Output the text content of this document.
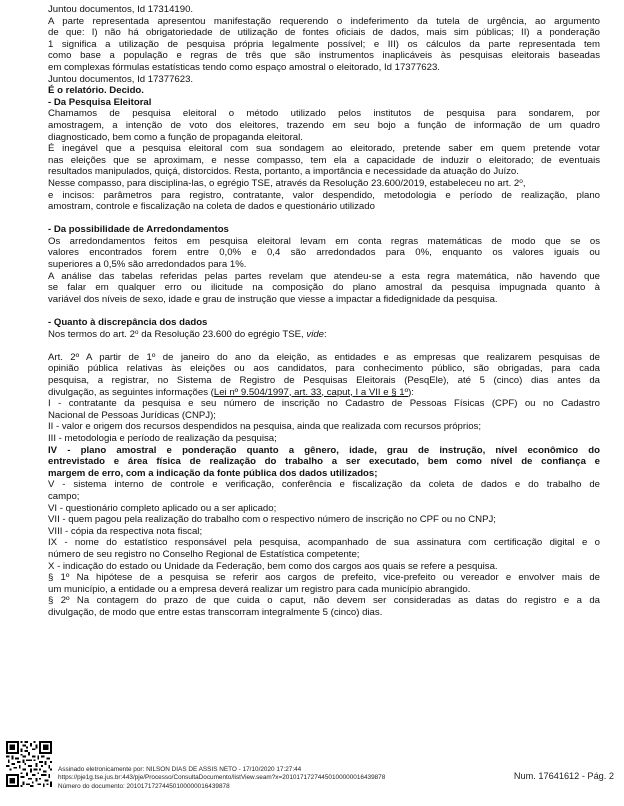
Juntou documentos, Id 17314190.

A parte representada apresentou manifestação requerendo o indeferimento da tutela de urgência, ao argumento

de que: I) não há obrigatoriedade de utilização de fontes oficiais de dados, mais sim públicas; II) a ponderação

1 significa a utilização de pesquisa própria legalmente possível; e III) os cálculos da parte representada tem

como base a população e regras de três que são instrumentos inaplicáveis às pesquisas eleitorais baseadas

em complexas fórmulas estatísticas tendo como espaço amostral o eleitorado, Id 17377623.

Juntou documentos, Id 17377623.

É o relatório. Decido.

- Da Pesquisa Eleitoral

Chamamos de pesquisa eleitoral o método utilizado pelos institutos de pesquisa para sondarem, por

amostragem, a intenção de voto dos eleitores, trazendo em seu bojo a função de informação de um quadro

diagnosticado, bem como a função de propaganda eleitoral.

É inegável que a pesquisa eleitoral com sua sondagem ao eleitorado, pretende saber em quem pretende votar

nas eleições que se aproximam, e nesse compasso, tem ela a capacidade de induzir o eleitorado; de eventuais

resultados manipulados, quiçá, distorcidos. Resta, portanto, a importância e necessidade da atuação do Juízo.

Nesse compasso, para disciplina-las, o egrégio TSE, através da Resolução 23.600/2019, estabeleceu no art. 2$^o$,

e incisos: parâmetros para registro, contratante, valor despendido, metodologia e período de realização, plano

amostram, controle e fiscalização na coleta de dados e questionário utilizado

- Da possibilidade de Arredondamentos

Os arredondamentos feitos em pesquisa eleitoral levam em conta regras matemáticas de modo que se os

valores encontrados forem entre 0,0% e 0,4 são arredondados para 0%, enquanto os valores iguais ou

superiores a 0,5% são arredondados para 1%.

A análise das tabelas referidas pelas partes revelam que atendeu-se a esta regra matemática, não havendo que

se falar em qualquer erro ou ilicitude na composição do plano amostral da pesquisa impugnada quanto à

variável dos níveis de sexo, idade e grau de instrução que viesse a impactar a fidedignidade da pesquisa.

- Quanto à discrepância dos dados

Nos termos do art. 2$^o$ da Resolução 23.600 do egrégio TSE, vide:

Art. 2º A partir de 1º de janeiro do ano da eleição, as entidades e as empresas que realizarem pesquisas de

opinião pública relativas às eleições ou aos candidatos, para conhecimento público, são obrigadas, para cada

pesquisa, a registrar, no Sistema de Registro de Pesquisas Eleitorais (PesqEle), até 5 (cinco) dias antes da

divulgação, as seguintes informações (Lei nº 9.504/1997, art. 33, caput, I a VII e § 1º):

I - contratante da pesquisa e seu número de inscrição no Cadastro de Pessoas Físicas (CPF) ou no Cadastro

Nacional de Pessoas Jurídicas (CNPJ);

II - valor e origem dos recursos despendidos na pesquisa, ainda que realizada com recursos próprios;

III - metodologia e período de realização da pesquisa;

IV - plano amostral e ponderação quanto a gênero, idade, grau de instrução, nível econômico do

entrevistado e área física de realização do trabalho a ser executado, bem como nível de confiança e

margem de erro, com a indicação da fonte pública dos dados utilizados;

V - sistema interno de controle e verificação, conferência e fiscalização da coleta de dados e do trabalho de

campo;

VI - questionário completo aplicado ou a ser aplicado;

VII - quem pagou pela realização do trabalho com o respectivo número de inscrição no CPF ou no CNPJ;

VIII - cópia da respectiva nota fiscal;

IX - nome do estatístico responsável pela pesquisa, acompanhado de sua assinatura com certificação digital e o

número de seu registro no Conselho Regional de Estatística competente;

X - indicação do estado ou Unidade da Federação, bem como dos cargos aos quais se refere a pesquisa.

§ 1º Na hipótese de a pesquisa se referir aos cargos de prefeito, vice-prefeito ou vereador e envolver mais de

um município, a entidade ou a empresa deverá realizar um registro para cada município abrangido.

§ 2º Na contagem do prazo de que cuida o caput, não devem ser consideradas as datas do registro e a da

divulgação, de modo que entre estas transcorram integralmente 5 (cinco) dias.

Assinado eletronicamente por: NILSON DIAS DE ASSIS NETO - 17/10/2020 17:27:44
https://pje1g.tse.jus.br:443/pje/Processo/ConsultaDocumento/listView.seam?x=20101717274450100000016439878
Número do documento: 20101717274450100000016439878
Num. 17641612 - Pág. 2
